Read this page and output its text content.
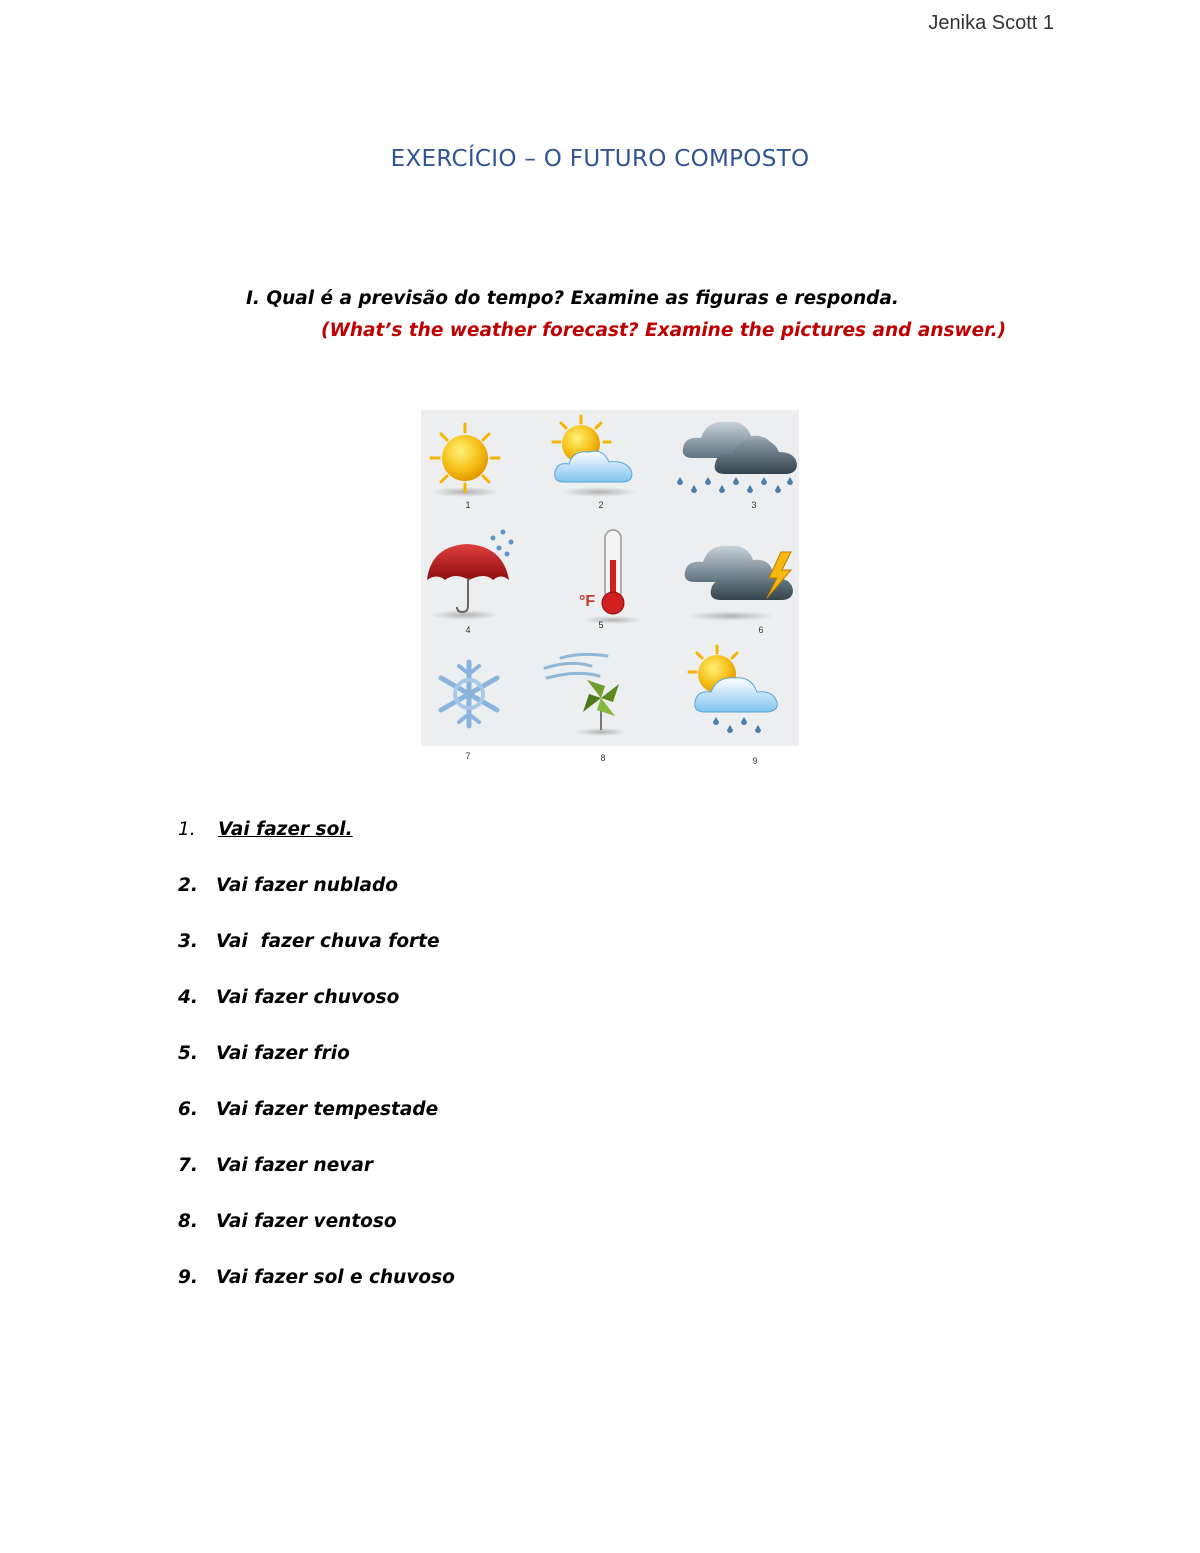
Jenika Scott 1
EXERCÍCIO – O FUTURO COMPOSTO
I. Qual é a previsão do tempo? Examine as figuras e responda.
(What’s the weather forecast? Examine the pictures and answer.)
°F
1	2	3
4	5	6
7	8	9
1.	Vai fazer sol.
2. Vai fazer nublado
3. Vai  fazer chuva forte
4. Vai fazer chuvoso
5. Vai fazer frio
6. Vai fazer tempestade
7. Vai fazer nevar
8. Vai fazer ventoso
9. Vai fazer sol e chuvoso
